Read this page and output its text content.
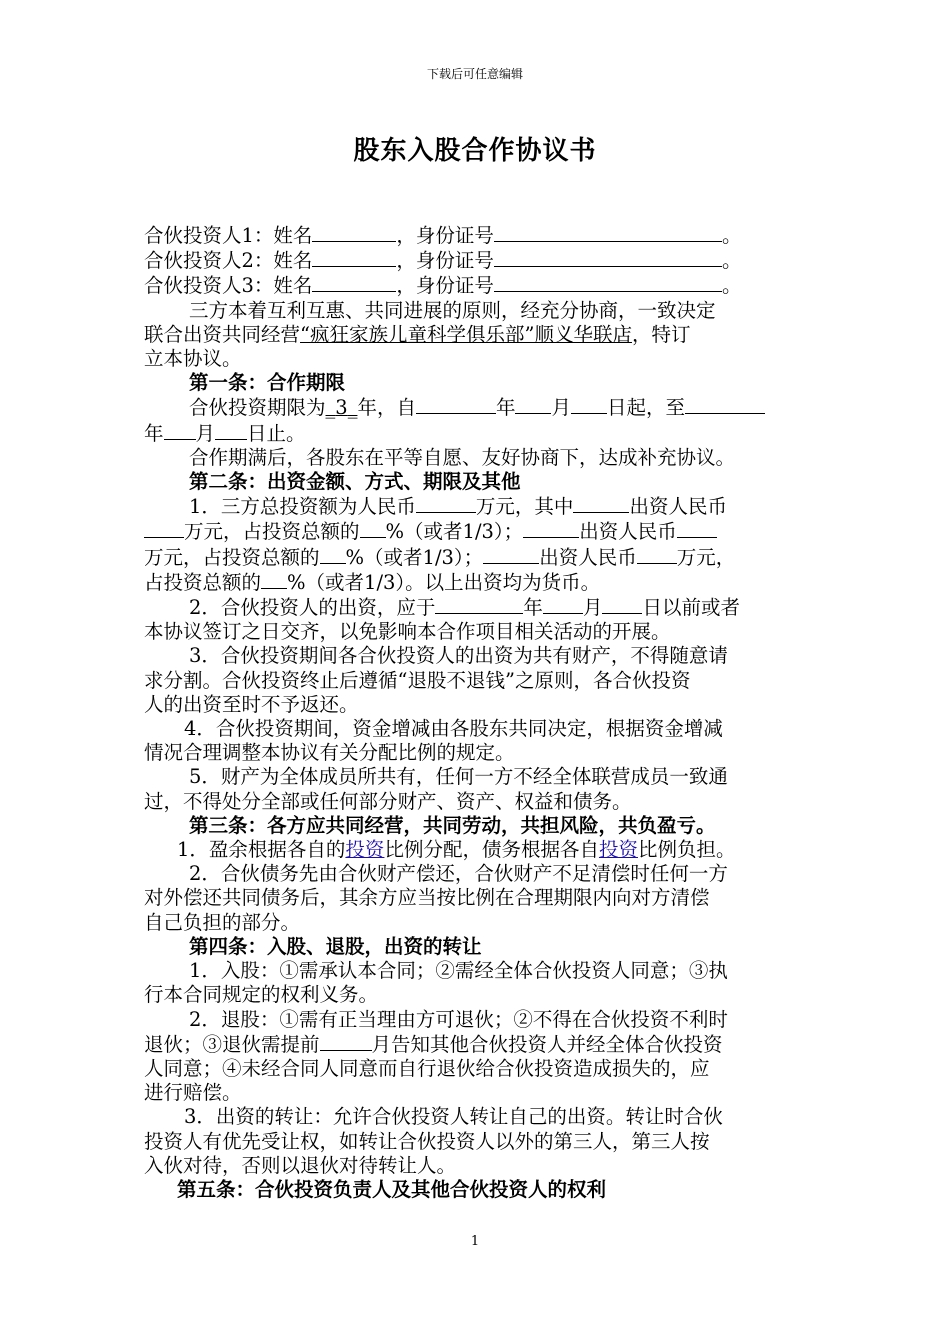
下载后可任意编辑
股东入股合作协议书

合伙投资人1：姓名	，身份证号	。

合伙投资人2：姓名	，身份证号	。

合伙投资人3：姓名	，身份证号	。

三方本着互利互惠、共同进展的原则，经充分协商，一致决定

联合出资共同经营“疯狂家族儿童科学俱乐部”顺义华联店，特订

立本协议。

第一条：合作期限

合伙投资期限为_3_年，自	年 月 日起，至

年 月 日止。

合作期满后，各股东在平等自愿、友好协商下，达成补充协议。

第二条：出资金额、方式、期限及其他

1．三方总投资额为人民币	万元，其中	出资人民币

万元，占投资总额的 %（或者1/3）；	出资人民币

万元，占投资总额的 %（或者1/3）；	出资人民币 万元，

占投资总额的 %（或者1/3）。以上出资均为货币。

2．合伙投资人的出资，应于	年 月 日以前或者

本协议签订之日交齐，以免影响本合作项目相关活动的开展。

3．合伙投资期间各合伙投资人的出资为共有财产，不得随意请

求分割。合伙投资终止后遵循“退股不退钱”之原则，各合伙投资

人的出资至时不予返还。

4．合伙投资期间，资金增减由各股东共同决定，根据资金增减

情况合理调整本协议有关分配比例的规定。

5．财产为全体成员所共有，任何一方不经全体联营成员一致通

过，不得处分全部或任何部分财产、资产、权益和债务。

第三条：各方应共同经营，共同劳动，共担风险，共负盈亏。

1．盈余根据各自的投资比例分配，债务根据各自投资比例负担。

2．合伙债务先由合伙财产偿还，合伙财产不足清偿时任何一方

对外偿还共同债务后，其余方应当按比例在合理期限内向对方清偿

自己负担的部分。

第四条：入股、退股，出资的转让

1．入股：①需承认本合同；②需经全体合伙投资人同意；③执

行本合同规定的权利义务。

2．退股：①需有正当理由方可退伙；②不得在合伙投资不利时

退伙；③退伙需提前	月告知其他合伙投资人并经全体合伙投资

人同意；④未经合同人同意而自行退伙给合伙投资造成损失的，应

进行赔偿。

3．出资的转让：允许合伙投资人转让自己的出资。转让时合伙

投资人有优先受让权，如转让合伙投资人以外的第三人，第三人按

入伙对待，否则以退伙对待转让人。

第五条：合伙投资负责人及其他合伙投资人的权利

1
